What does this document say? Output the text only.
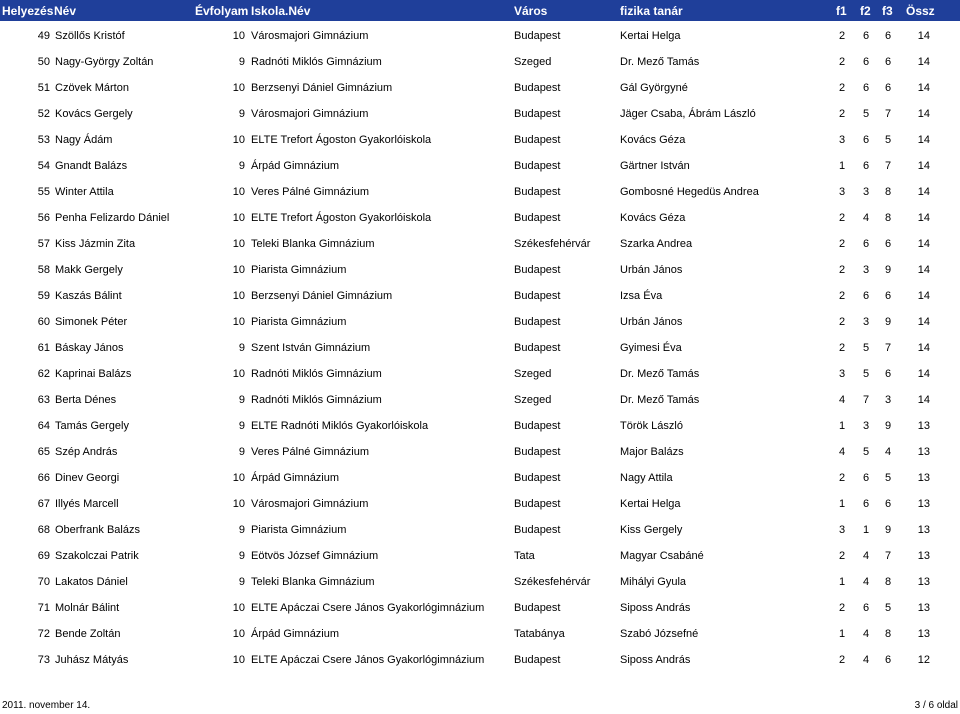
Helyezés Név	Évfolyam Iskola.Név	Város	fizika tanár	f1 f2 f3 Össz
49 Szöllős Kristóf	10 Városmajori Gimnázium	Budapest	Kertai Helga	2 6 6	14
50 Nagy-György Zoltán	9 Radnóti Miklós Gimnázium	Szeged	Dr. Mező Tamás	2 6 6	14
51 Czövek Márton	10 Berzsenyi Dániel Gimnázium	Budapest	Gál Györgyné	2 6 6	14
52 Kovács Gergely	9 Városmajori Gimnázium	Budapest	Jäger Csaba, Ábrám László	2 5 7	14
53 Nagy Ádám	10 ELTE Trefort Ágoston Gyakorlóiskola	Budapest	Kovács Géza	3 6 5	14
54 Gnandt Balázs	9 Árpád Gimnázium	Budapest	Gärtner István	1 6 7	14
55 Winter Attila	10 Veres Pálné Gimnázium	Budapest	Gombosné Hegedüs Andrea	3 3 8	14
56 Penha Felizardo Dániel	10 ELTE Trefort Ágoston Gyakorlóiskola	Budapest	Kovács Géza	2 4 8	14
57 Kiss Jázmin Zita	10 Teleki Blanka Gimnázium	Székesfehérvár	Szarka Andrea	2 6 6	14
58 Makk Gergely	10 Piarista Gimnázium	Budapest	Urbán János	2 3 9	14
59 Kaszás Bálint	10 Berzsenyi Dániel Gimnázium	Budapest	Izsa Éva	2 6 6	14
60 Simonek Péter	10 Piarista Gimnázium	Budapest	Urbán János	2 3 9	14
61 Báskay János	9 Szent István Gimnázium	Budapest	Gyimesi Éva	2 5 7	14
62 Kaprinai Balázs	10 Radnóti Miklós Gimnázium	Szeged	Dr. Mező Tamás	3 5 6	14
63 Berta Dénes	9 Radnóti Miklós Gimnázium	Szeged	Dr. Mező Tamás	4 7 3	14
64 Tamás Gergely	9 ELTE Radnóti Miklós Gyakorlóiskola	Budapest	Török László	1 3 9	13
65 Szép András	9 Veres Pálné Gimnázium	Budapest	Major Balázs	4 5 4	13
66 Dinev Georgi	10 Árpád Gimnázium	Budapest	Nagy Attila	2 6 5	13
67 Illyés Marcell	10 Városmajori Gimnázium	Budapest	Kertai Helga	1 6 6	13
68 Oberfrank Balázs	9 Piarista Gimnázium	Budapest	Kiss Gergely	3 1 9	13
69 Szakolczai Patrik	9 Eötvös József Gimnázium	Tata	Magyar Csabáné	2 4 7	13
70 Lakatos Dániel	9 Teleki Blanka Gimnázium	Székesfehérvár	Mihályi Gyula	1 4 8	13
71 Molnár Bálint	10 ELTE Apáczai Csere János Gyakorlógimnázium	Budapest	Siposs András	2 6 5	13
72 Bende Zoltán	10 Árpád Gimnázium	Tatabánya	Szabó Józsefné	1 4 8	13
73 Juhász Mátyás	10 ELTE Apáczai Csere János Gyakorlógimnázium	Budapest	Siposs András	2 4 6	12
2011. november 14.	3 / 6 oldal
